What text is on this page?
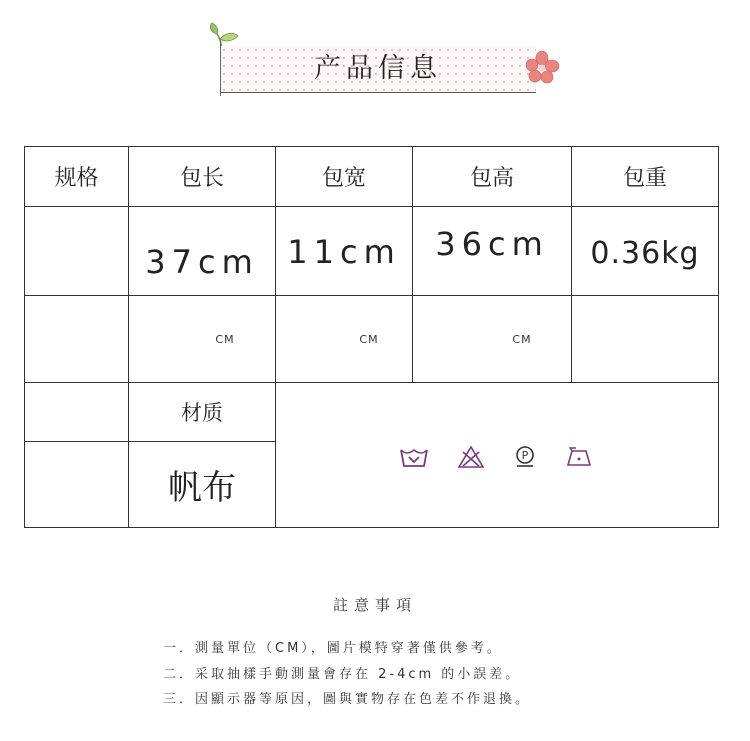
产品信息
规格	包长	包宽	包高	包重
	37cm	11cm	36cm	0.36kg
	CM	CM	CM	
	材质	P		

	帆布			
註意事項
一．測量單位（CM），圖片模特穿著僅供參考。
二．采取抽樣手動測量會存在 2-4cm 的小誤差。
三．因顯示器等原因，圖與實物存在色差不作退換。
